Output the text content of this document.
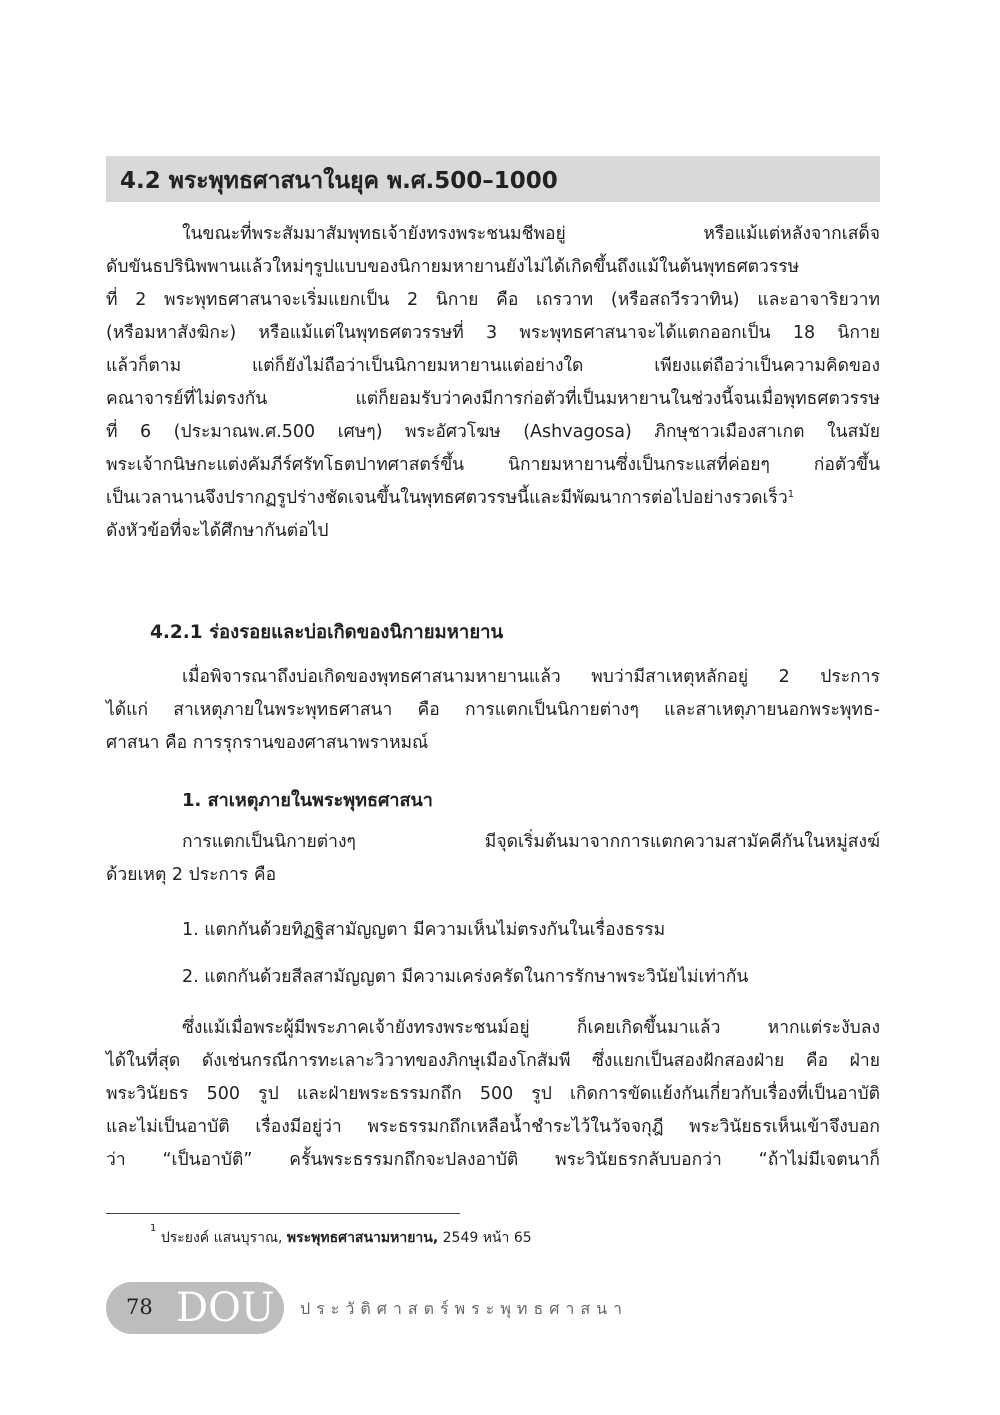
4.2 พระพุทธศาสนาในยุค พ.ศ.500–1000

ในขณะที่พระสัมมาสัมพุทธเจ้ายังทรงพระชนมชีพอยู่ หรือแม้แต่หลังจากเสด็จ

ดับขันธปรินิพพานแล้วใหม่ๆรูปแบบของนิกายมหายานยังไม่ได้เกิดขึ้นถึงแม้ในต้นพุทธศตวรรษ

ที่ 2 พระพุทธศาสนาจะเริ่มแยกเป็น 2 นิกาย คือ เถรวาท (หรือสถวีรวาทิน) และอาจาริยวาท

(หรือมหาสังฆิกะ) หรือแม้แต่ในพุทธศตวรรษที่ 3 พระพุทธศาสนาจะได้แตกออกเป็น 18 นิกาย

แล้วก็ตาม แต่ก็ยังไม่ถือว่าเป็นนิกายมหายานแต่อย่างใด เพียงแต่ถือว่าเป็นความคิดของ

คณาจารย์ที่ไม่ตรงกัน แต่ก็ยอมรับว่าคงมีการก่อตัวที่เป็นมหายานในช่วงนี้จนเมื่อพุทธศตวรรษ

ที่ 6 (ประมาณพ.ศ.500 เศษๆ) พระอัศวโฆษ (Ashvagosa) ภิกษุชาวเมืองสาเกต ในสมัย

พระเจ้ากนิษกะแต่งคัมภีร์ศรัทโธตปาทศาสตร์ขึ้น นิกายมหายานซึ่งเป็นกระแสที่ค่อยๆ ก่อตัวขึ้น

เป็นเวลานานจึงปรากฏรูปร่างชัดเจนขึ้นในพุทธศตวรรษนี้และมีพัฒนาการต่อไปอย่างรวดเร็ว$^1$

ดังหัวข้อที่จะได้ศึกษากันต่อไป

4.2.1 ร่องรอยและบ่อเกิดของนิกายมหายาน

เมื่อพิจารณาถึงบ่อเกิดของพุทธศาสนามหายานแล้ว พบว่ามีสาเหตุหลักอยู่ 2 ประการ

ได้แก่ สาเหตุภายในพระพุทธศาสนา คือ การแตกเป็นนิกายต่างๆ และสาเหตุภายนอกพระพุทธ-

ศาสนา คือ การรุกรานของศาสนาพราหมณ์

1. สาเหตุภายในพระพุทธศาสนา

การแตกเป็นนิกายต่างๆ มีจุดเริ่มต้นมาจากการแตกความสามัคคีกันในหมู่สงฆ์

ด้วยเหตุ 2 ประการ คือ

1. แตกกันด้วยทิฏฐิสามัญญตา มีความเห็นไม่ตรงกันในเรื่องธรรม
2. แตกกันด้วยสีลสามัญญตา มีความเคร่งครัดในการรักษาพระวินัยไม่เท่ากัน

ซึ่งแม้เมื่อพระผู้มีพระภาคเจ้ายังทรงพระชนม์อยู่ ก็เคยเกิดขึ้นมาแล้ว หากแต่ระงับลง

ได้ในที่สุด ดังเช่นกรณีการทะเลาะวิวาทของภิกษุเมืองโกสัมพี ซึ่งแยกเป็นสองฝักสองฝ่าย คือ ฝ่าย

พระวินัยธร 500 รูป และฝ่ายพระธรรมกถึก 500 รูป เกิดการขัดแย้งกันเกี่ยวกับเรื่องที่เป็นอาบัติ

และไม่เป็นอาบัติ เรื่องมีอยู่ว่า พระธรรมกถึกเหลือน้ำชำระไว้ในวัจจกุฎี พระวินัยธรเห็นเข้าจึงบอก

ว่า “เป็นอาบัติ” ครั้นพระธรรมกถึกจะปลงอาบัติ พระวินัยธรกลับบอกว่า “ถ้าไม่มีเจตนาก็

$^1$ ประยงค์ แสนบุราณ, พระพุทธศาสนามหายาน, 2549 หน้า 65
78 DOU ประวัติศาสตร์พระพุทธศาสนา
